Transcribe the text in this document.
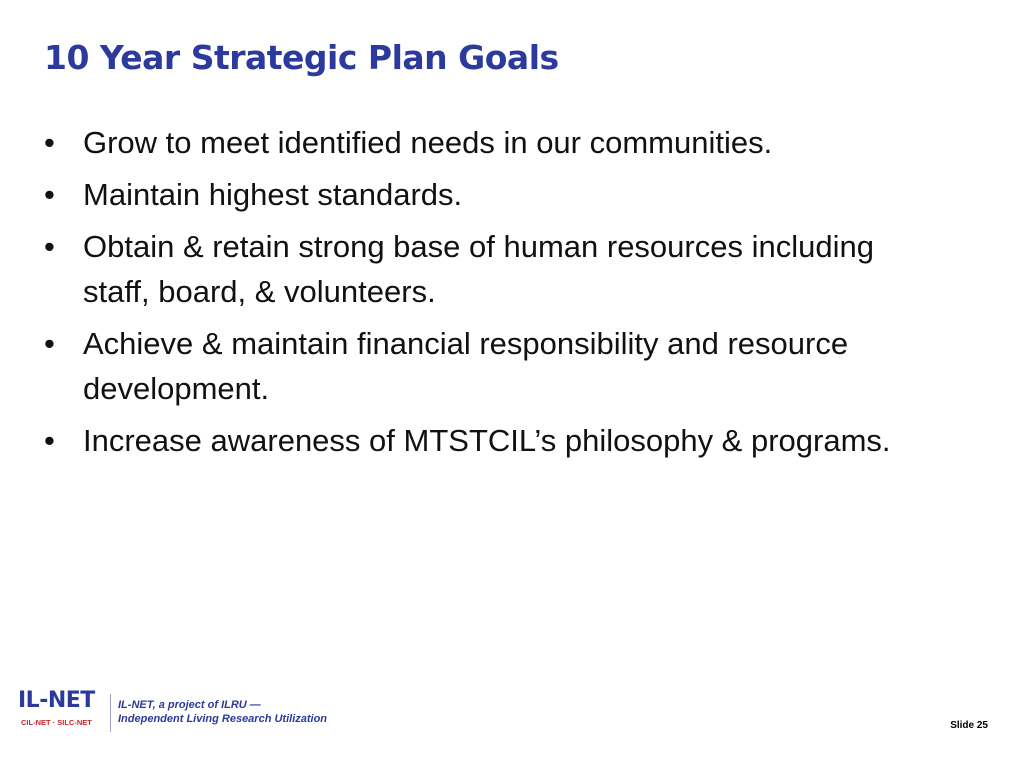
10 Year Strategic Plan Goals
• Grow to meet identified needs in our communities.
• Maintain highest standards.
• Obtain & retain strong base of human resources including staff, board, & volunteers.
• Achieve & maintain financial responsibility and resource development.
• Increase awareness of MTSTCIL’s philosophy & programs.
IL-NET
CIL-NET · SILC-NET
IL-NET, a project of ILRU —
Independent Living Research Utilization
Slide 25
